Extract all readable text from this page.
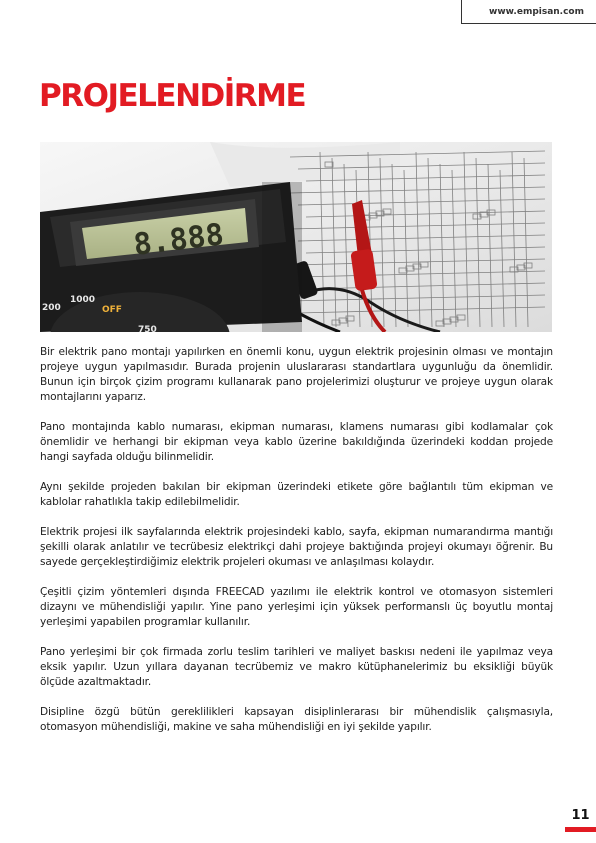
www.empisan.com
PROJELENDİRME
8.888
200
1000
OFF
750

Bir elektrik pano montajı yapılırken en önemli konu, uygun elektrik projesinin olması ve montajın projeye uygun yapılmasıdır. Burada projenin uluslararası standartlara uygunluğu da önemlidir. Bunun için birçok çizim programı kullanarak pano projelerimizi oluşturur ve projeye uygun olarak montajlarını yaparız.

Pano montajında kablo numarası, ekipman numarası, klamens numarası gibi kodlamalar çok önemlidir ve herhangi bir ekipman veya kablo üzerine bakıldığında üzerindeki koddan projede hangi sayfada olduğu bilinmelidir.

Aynı şekilde projeden bakılan bir ekipman üzerindeki etikete göre bağlantılı tüm ekipman ve kablolar rahatlıkla takip edilebilmelidir.

Elektrik projesi ilk sayfalarında elektrik projesindeki kablo, sayfa, ekipman numarandırma mantığı şekilli olarak anlatılır ve tecrübesiz elektrikçi dahi projeye baktığında projeyi okumayı öğrenir. Bu sayede gerçekleştirdiğimiz elektrik projeleri okuması ve anlaşılması kolaydır.

Çeşitli çizim yöntemleri dışında FREECAD yazılımı ile elektrik kontrol ve otomasyon sistemleri dizaynı ve mühendisliği yapılır. Yine pano yerleşimi için yüksek performanslı üç boyutlu montaj yerleşimi yapabilen programlar kullanılır.

Pano yerleşimi bir çok firmada zorlu teslim tarihleri ve maliyet baskısı nedeni ile yapılmaz veya eksik yapılır. Uzun yıllara dayanan tecrübemiz ve makro kütüphanelerimiz bu eksikliği büyük ölçüde azaltmaktadır.

Disipline özgü bütün gereklilikleri kapsayan disiplinlerarası bir mühendislik çalışmasıyla, otomasyon mühendisliği, makine ve saha mühendisliği en iyi şekilde yapılır.

11
